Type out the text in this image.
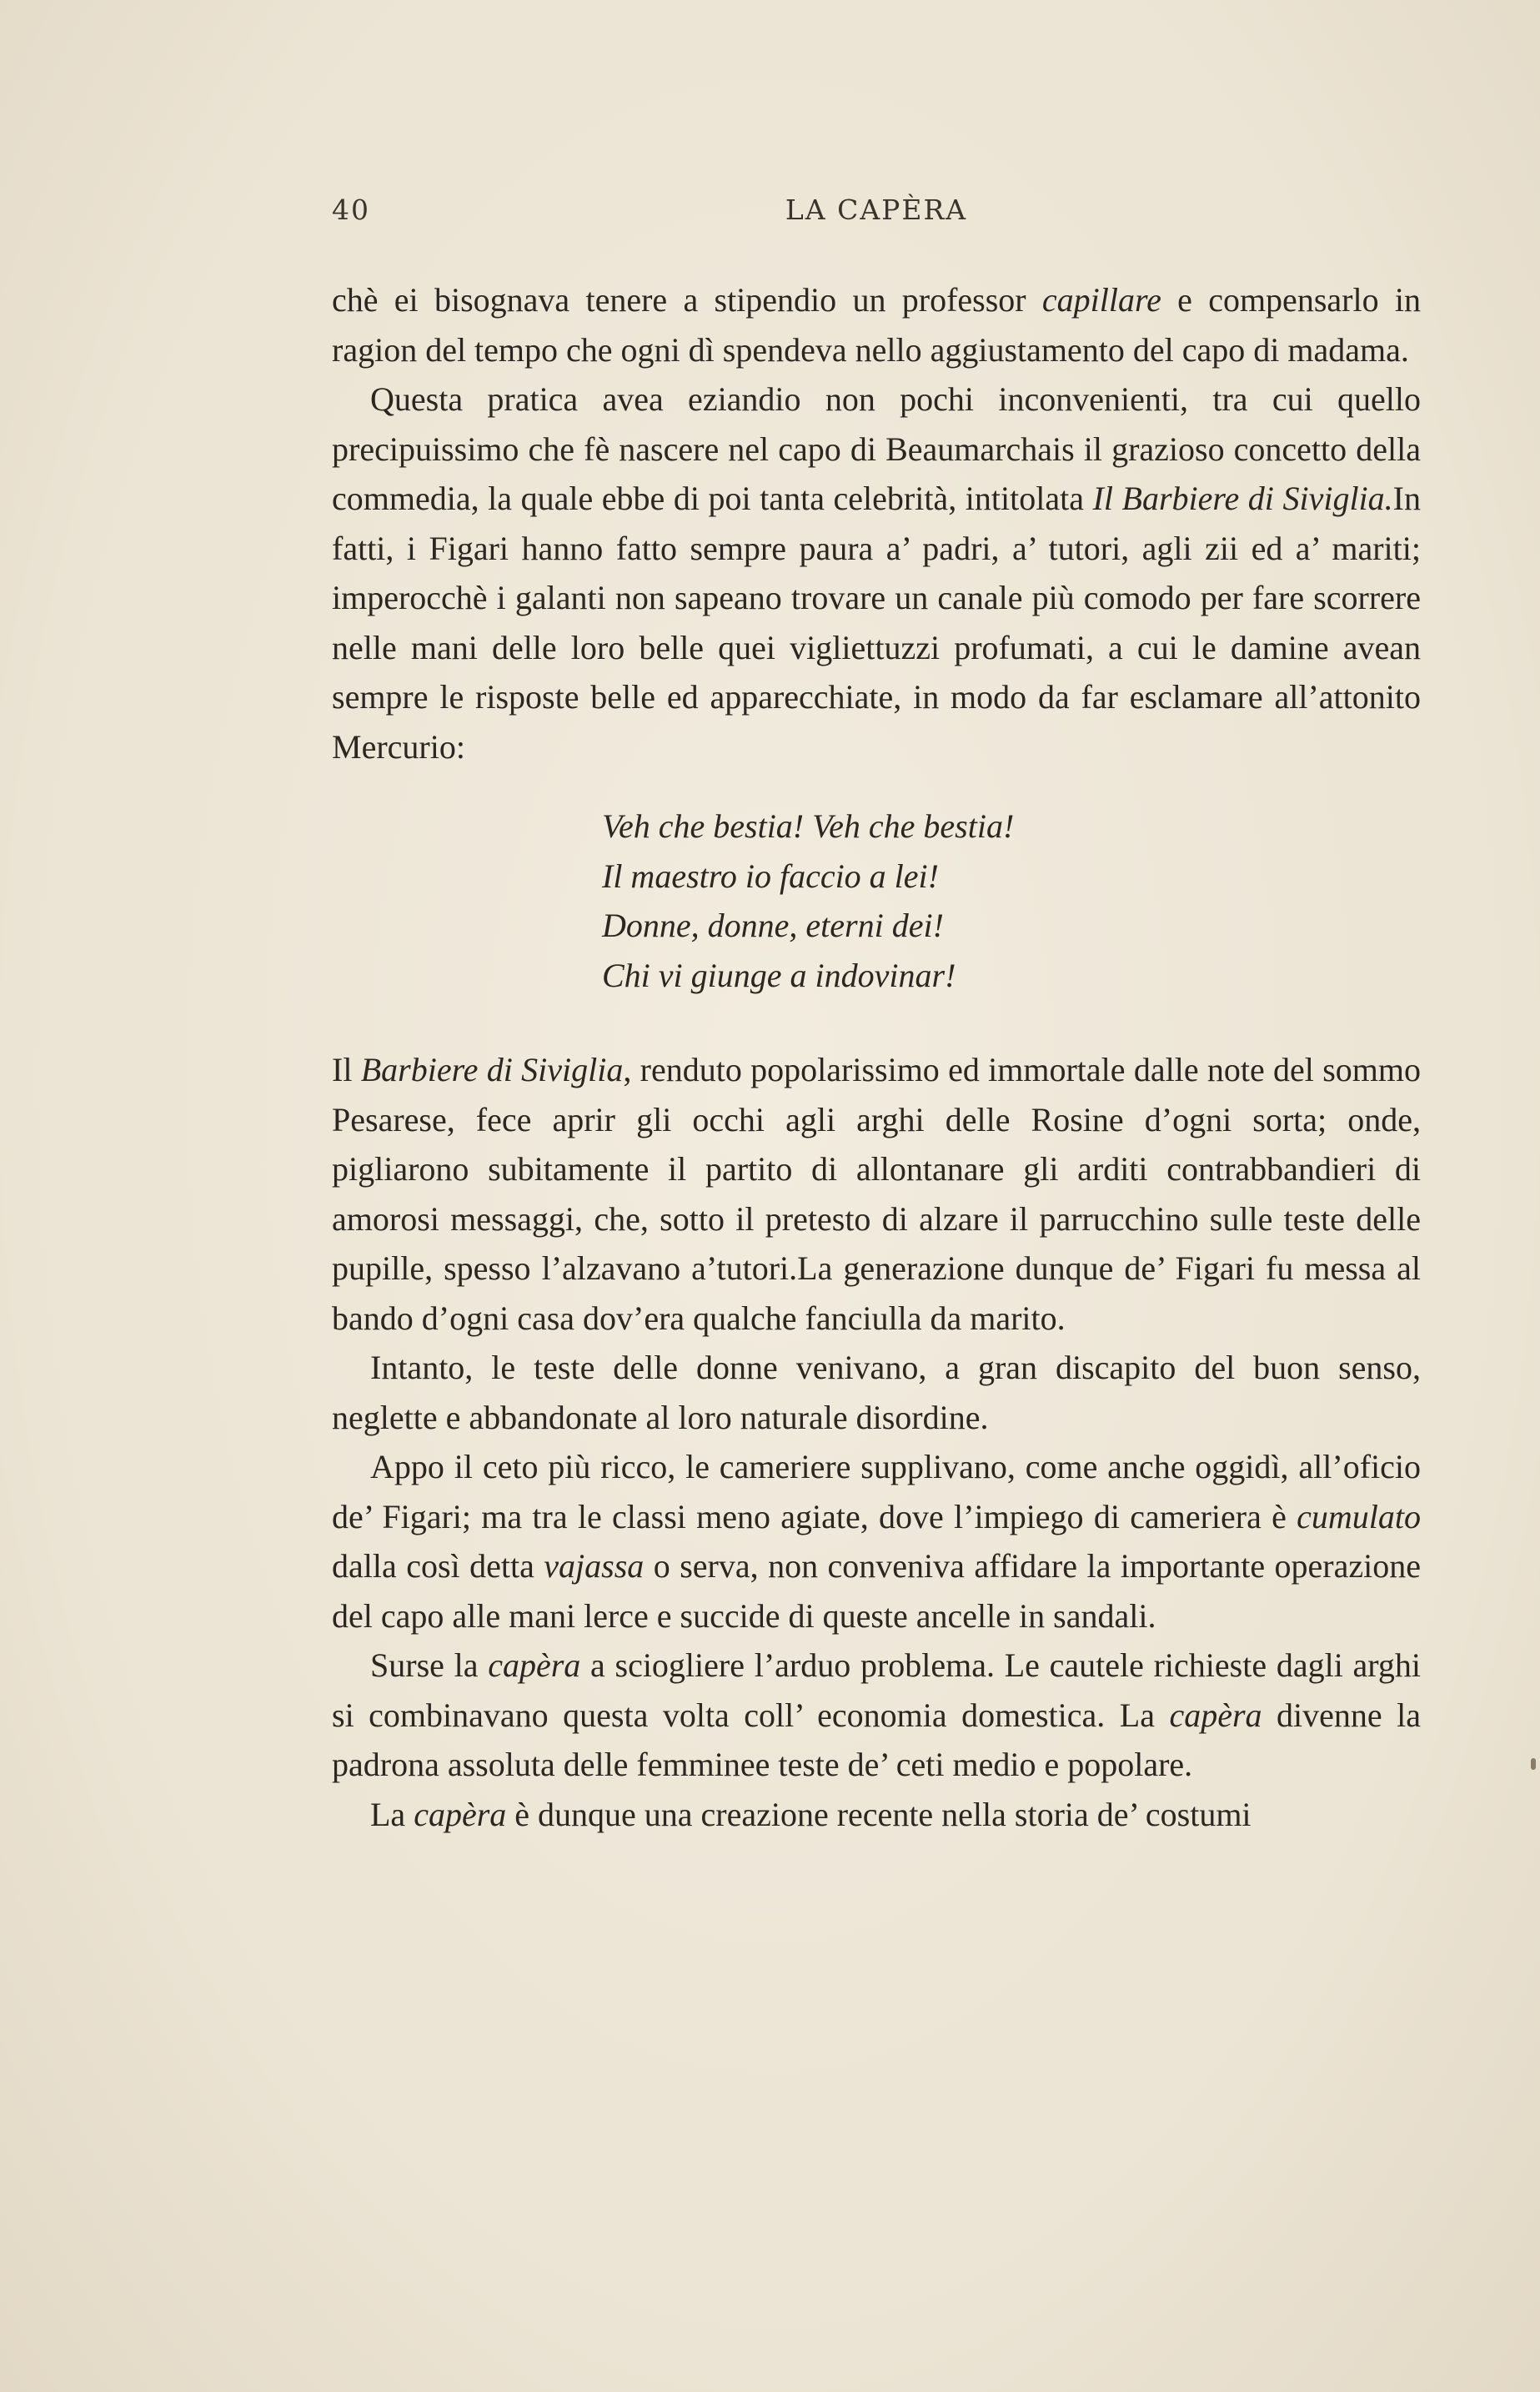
40	LA CAPÈRA

chè ei bisognava tenere a stipendio un professor capillare e compensarlo in ragion del tempo che ogni dì spendeva nello aggiustamento del capo di madama.

Questa pratica avea eziandio non pochi inconvenienti, tra cui quello precipuissimo che fè nascere nel capo di Beaumarchais il grazioso concetto della commedia, la quale ebbe di poi tanta celebrità, intitolata Il Barbiere di Siviglia.In fatti, i Figari hanno fatto sempre paura a’ padri, a’ tutori, agli zii ed a’ mariti; imperocchè i galanti non sapeano trovare un canale più comodo per fare scorrere nelle mani delle loro belle quei vigliettuzzi profumati, a cui le damine avean sempre le risposte belle ed apparecchiate, in modo da far esclamare all’attonito Mercurio:

Veh che bestia! Veh che bestia!
Il maestro io faccio a lei!
Donne, donne, eterni dei!
Chi vi giunge a indovinar!

Il Barbiere di Siviglia, renduto popolarissimo ed immortale dalle note del sommo Pesarese, fece aprir gli occhi agli arghi delle Rosine d’ogni sorta; onde, pigliarono subitamente il partito di allontanare gli arditi contrabbandieri di amorosi messaggi, che, sotto il pretesto di alzare il parrucchino sulle teste delle pupille, spesso l’alzavano a’tutori.La generazione dunque de’ Figari fu messa al bando d’ogni casa dov’era qualche fanciulla da marito.

Intanto, le teste delle donne venivano, a gran discapito del buon senso, neglette e abbandonate al loro naturale disordine.

Appo il ceto più ricco, le cameriere supplivano, come anche oggidì, all’oficio de’ Figari; ma tra le classi meno agiate, dove l’impiego di cameriera è cumulato dalla così detta vajassa o serva, non conveniva affidare la importante operazione del capo alle mani lerce e succide di queste ancelle in sandali.

Surse la capèra a sciogliere l’arduo problema. Le cautele richieste dagli arghi si combinavano questa volta coll’ economia domestica. La capèra divenne la padrona assoluta delle femminee teste de’ ceti medio e popolare.

La capèra è dunque una creazione recente nella storia de’ costumi
